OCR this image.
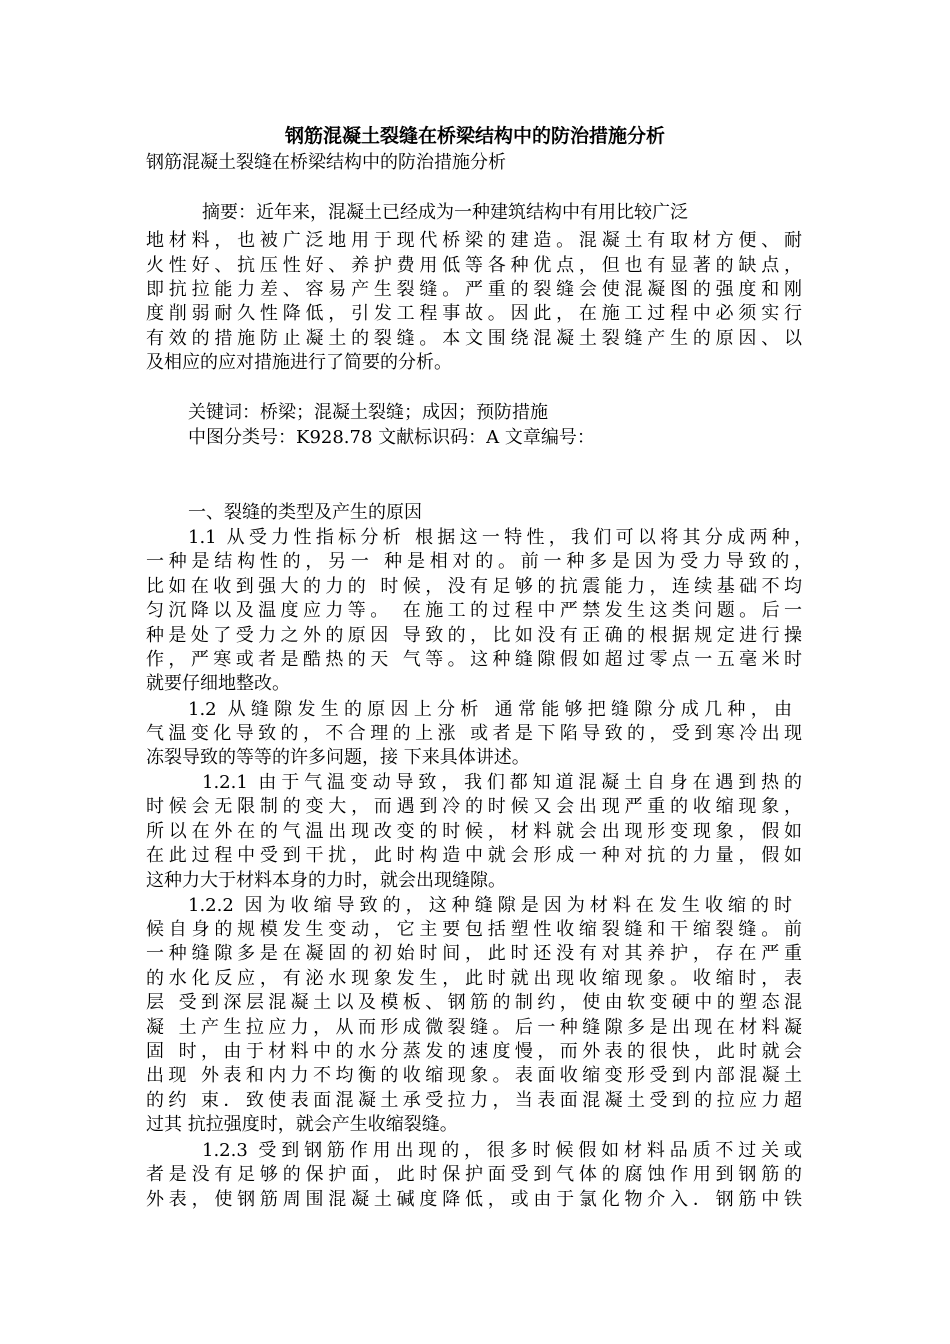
钢筋混凝土裂缝在桥梁结构中的防治措施分析
钢筋混凝土裂缝在桥梁结构中的防治措施分析
摘要：近年来，混凝土已经成为一种建筑结构中有用比较广泛
地材料，也被广泛地用于现代桥梁的建造。混凝土有取材方便、耐
火性好、抗压性好、养护费用低等各种优点，但也有显著的缺点，
即抗拉能力差、容易产生裂缝。严重的裂缝会使混凝图的强度和刚
度削弱耐久性降低，引发工程事故。因此，在施工过程中必须实行
有效的措施防止凝土的裂缝。本文围绕混凝土裂缝产生的原因、以
及相应的应对措施进行了简要的分析。
关键词：桥梁；混凝土裂缝；成因；预防措施
中图分类号：K928.78 文献标识码：A 文章编号：
一、裂缝的类型及产生的原因
1.1 从受力性指标分析 根据这一特性，我们可以将其分成两种，
一种是结构性的，另一 种是相对的。前一种多是因为受力导致的，
比如在收到强大的力的 时候，没有足够的抗震能力，连续基础不均
匀沉降以及温度应力等。 在施工的过程中严禁发生这类问题。后一
种是处了受力之外的原因 导致的，比如没有正确的根据规定进行操
作，严寒或者是酷热的天 气等。这种缝隙假如超过零点一五毫米时
就要仔细地整改。
1.2 从缝隙发生的原因上分析 通常能够把缝隙分成几种，由
气温变化导致的，不合理的上涨 或者是下陷导致的，受到寒冷出现
冻裂导致的等等的许多问题，接 下来具体讲述。
1.2.1 由于气温变动导致，我们都知道混凝土自身在遇到热的
时候会无限制的变大，而遇到冷的时候又会出现严重的收缩现象，
所以在外在的气温出现改变的时候，材料就会出现形变现象，假如
在此过程中受到干扰，此时构造中就会形成一种对抗的力量，假如
这种力大于材料本身的力时，就会出现缝隙。
1.2.2 因为收缩导致的，这种缝隙是因为材料在发生收缩的时
候自身的规模发生变动，它主要包括塑性收缩裂缝和干缩裂缝。前
一种缝隙多是在凝固的初始时间，此时还没有对其养护，存在严重
的水化反应，有泌水现象发生，此时就出现收缩现象。收缩时，表
层 受到深层混凝土以及模板、钢筋的制约，使由软变硬中的塑态混
凝 土产生拉应力，从而形成微裂缝。后一种缝隙多是出现在材料凝
固 时，由于材料中的水分蒸发的速度慢，而外表的很快，此时就会
出现 外表和内力不均衡的收缩现象。表面收缩变形受到内部混凝土
的约 束．致使表面混凝土承受拉力，当表面混凝土受到的拉应力超
过其 抗拉强度时，就会产生收缩裂缝。
1.2.3 受到钢筋作用出现的，很多时候假如材料品质不过关或
者是没有足够的保护面，此时保护面受到气体的腐蚀作用到钢筋的
外表，使钢筋周围混凝土碱度降低，或由于氯化物介入．钢筋中铁
